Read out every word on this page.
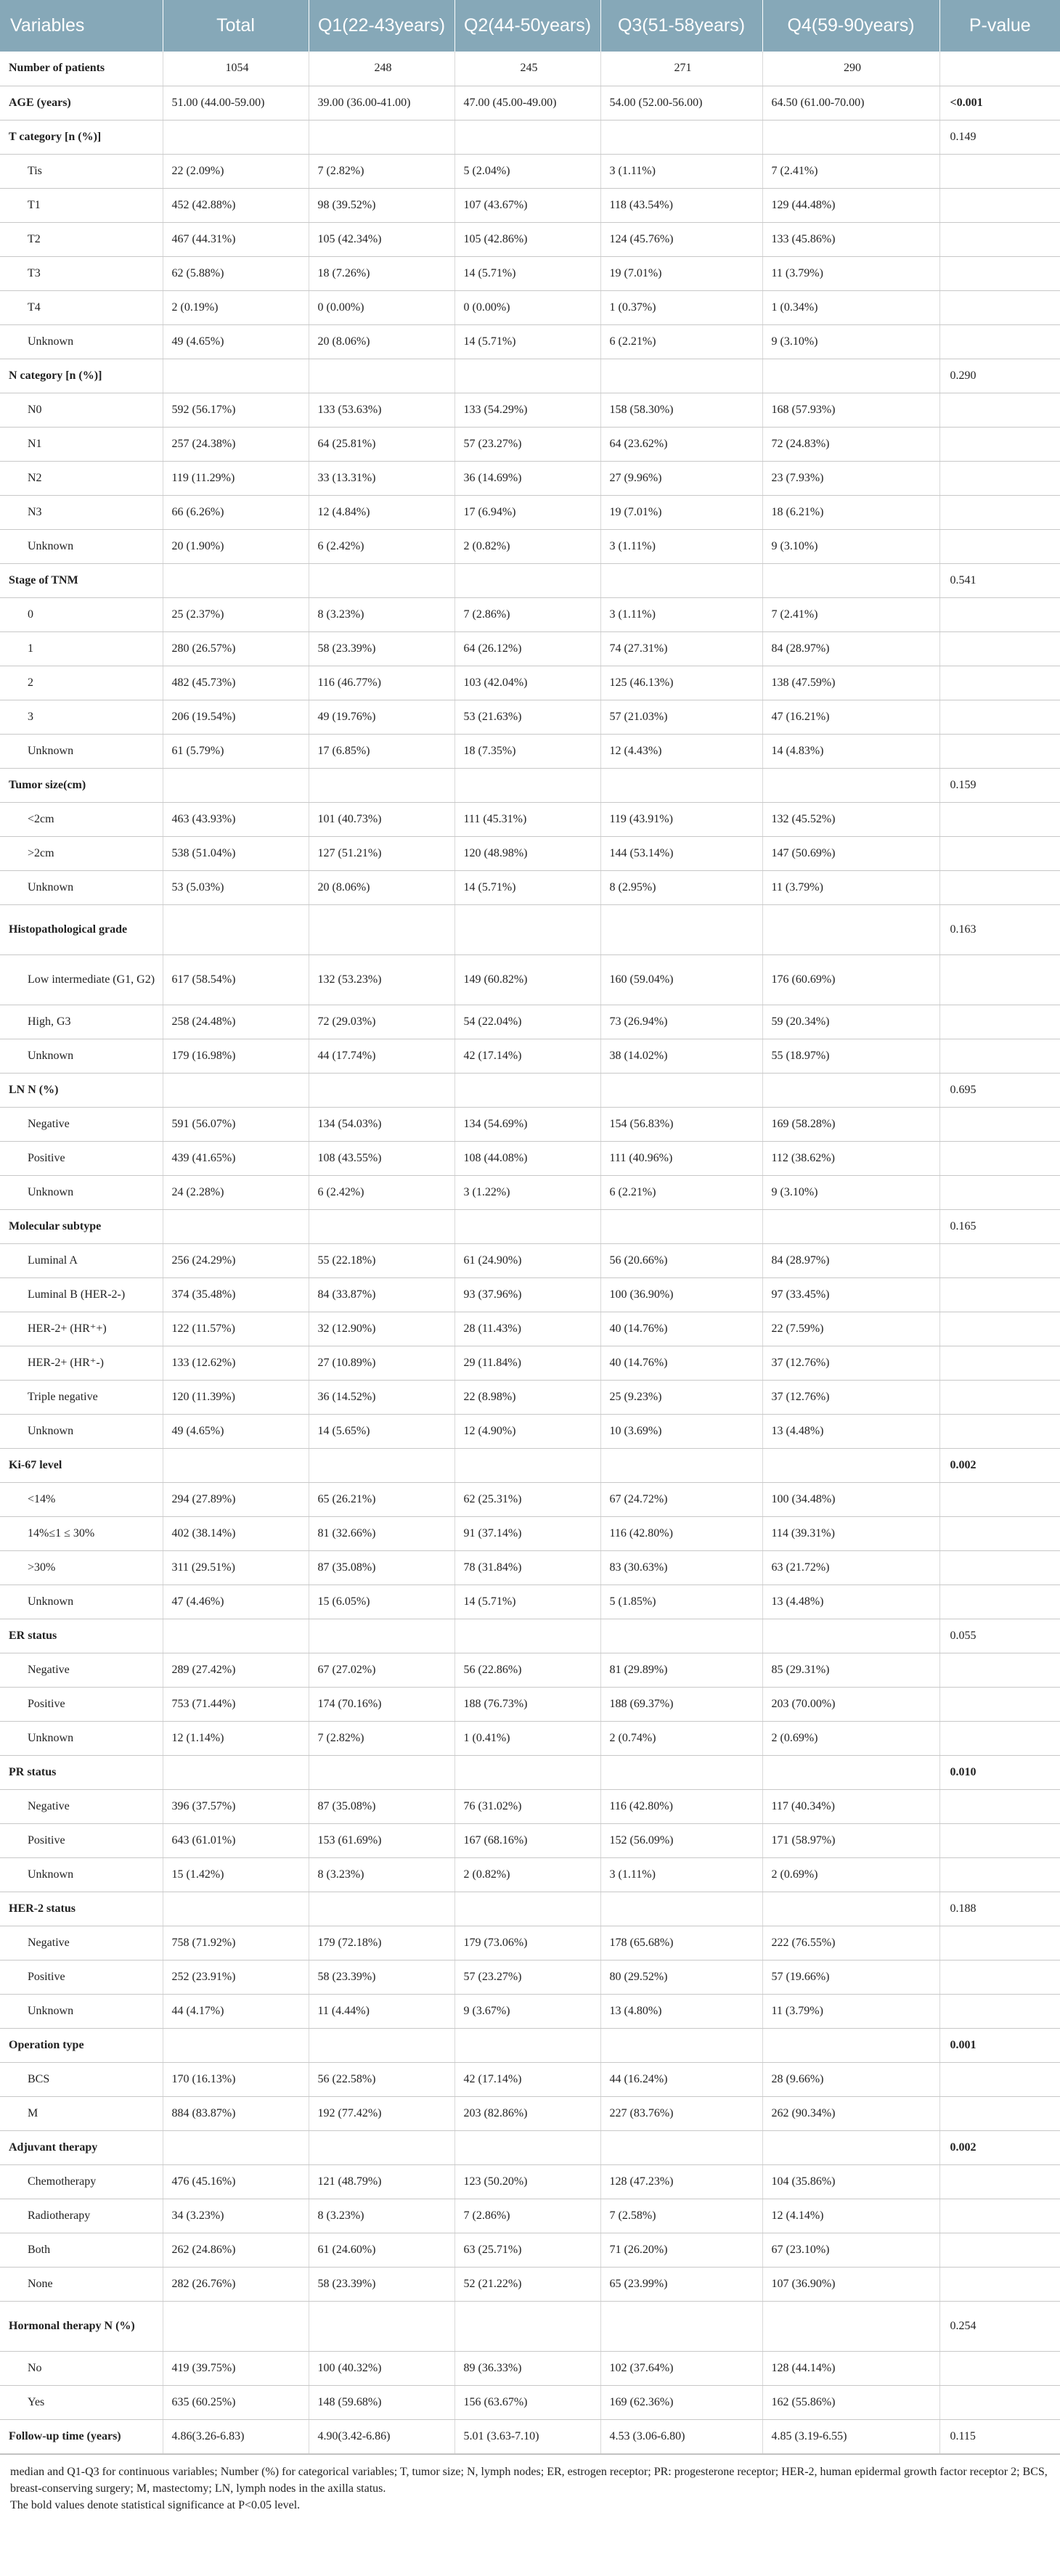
Variables	Total	Q1(22-43years)	Q2(44-50years)	Q3(51-58years)	Q4(59-90years)	P-value
Number of patients	1054	248	245	271	290	
AGE (years)	51.00 (44.00-59.00)	39.00 (36.00-41.00)	47.00 (45.00-49.00)	54.00 (52.00-56.00)	64.50 (61.00-70.00)	<0.001
T category [n (%)]						0.149
Tis	22 (2.09%)	7 (2.82%)	5 (2.04%)	3 (1.11%)	7 (2.41%)	
T1	452 (42.88%)	98 (39.52%)	107 (43.67%)	118 (43.54%)	129 (44.48%)	
T2	467 (44.31%)	105 (42.34%)	105 (42.86%)	124 (45.76%)	133 (45.86%)	
T3	62 (5.88%)	18 (7.26%)	14 (5.71%)	19 (7.01%)	11 (3.79%)	
T4	2 (0.19%)	0 (0.00%)	0 (0.00%)	1 (0.37%)	1 (0.34%)	
Unknown	49 (4.65%)	20 (8.06%)	14 (5.71%)	6 (2.21%)	9 (3.10%)	
N category [n (%)]						0.290
N0	592 (56.17%)	133 (53.63%)	133 (54.29%)	158 (58.30%)	168 (57.93%)	
N1	257 (24.38%)	64 (25.81%)	57 (23.27%)	64 (23.62%)	72 (24.83%)	
N2	119 (11.29%)	33 (13.31%)	36 (14.69%)	27 (9.96%)	23 (7.93%)	
N3	66 (6.26%)	12 (4.84%)	17 (6.94%)	19 (7.01%)	18 (6.21%)	
Unknown	20 (1.90%)	6 (2.42%)	2 (0.82%)	3 (1.11%)	9 (3.10%)	
Stage of TNM						0.541
0	25 (2.37%)	8 (3.23%)	7 (2.86%)	3 (1.11%)	7 (2.41%)	
1	280 (26.57%)	58 (23.39%)	64 (26.12%)	74 (27.31%)	84 (28.97%)	
2	482 (45.73%)	116 (46.77%)	103 (42.04%)	125 (46.13%)	138 (47.59%)	
3	206 (19.54%)	49 (19.76%)	53 (21.63%)	57 (21.03%)	47 (16.21%)	
Unknown	61 (5.79%)	17 (6.85%)	18 (7.35%)	12 (4.43%)	14 (4.83%)	
Tumor size(cm)						0.159
<2cm	463 (43.93%)	101 (40.73%)	111 (45.31%)	119 (43.91%)	132 (45.52%)	
>2cm	538 (51.04%)	127 (51.21%)	120 (48.98%)	144 (53.14%)	147 (50.69%)	
Unknown	53 (5.03%)	20 (8.06%)	14 (5.71%)	8 (2.95%)	11 (3.79%)	
Histopathological grade						0.163
Low intermediate (G1, G2)	617 (58.54%)	132 (53.23%)	149 (60.82%)	160 (59.04%)	176 (60.69%)	
High, G3	258 (24.48%)	72 (29.03%)	54 (22.04%)	73 (26.94%)	59 (20.34%)	
Unknown	179 (16.98%)	44 (17.74%)	42 (17.14%)	38 (14.02%)	55 (18.97%)	
LN N (%)						0.695
Negative	591 (56.07%)	134 (54.03%)	134 (54.69%)	154 (56.83%)	169 (58.28%)	
Positive	439 (41.65%)	108 (43.55%)	108 (44.08%)	111 (40.96%)	112 (38.62%)	
Unknown	24 (2.28%)	6 (2.42%)	3 (1.22%)	6 (2.21%)	9 (3.10%)	
Molecular subtype						0.165
Luminal A	256 (24.29%)	55 (22.18%)	61 (24.90%)	56 (20.66%)	84 (28.97%)	
Luminal B (HER-2-)	374 (35.48%)	84 (33.87%)	93 (37.96%)	100 (36.90%)	97 (33.45%)	
HER-2+ (HR⁺+)	122 (11.57%)	32 (12.90%)	28 (11.43%)	40 (14.76%)	22 (7.59%)	
HER-2+ (HR⁺-)	133 (12.62%)	27 (10.89%)	29 (11.84%)	40 (14.76%)	37 (12.76%)	
Triple negative	120 (11.39%)	36 (14.52%)	22 (8.98%)	25 (9.23%)	37 (12.76%)	
Unknown	49 (4.65%)	14 (5.65%)	12 (4.90%)	10 (3.69%)	13 (4.48%)	
Ki-67 level						0.002
<14%	294 (27.89%)	65 (26.21%)	62 (25.31%)	67 (24.72%)	100 (34.48%)	
14%≤1 ≤ 30%	402 (38.14%)	81 (32.66%)	91 (37.14%)	116 (42.80%)	114 (39.31%)	
>30%	311 (29.51%)	87 (35.08%)	78 (31.84%)	83 (30.63%)	63 (21.72%)	
Unknown	47 (4.46%)	15 (6.05%)	14 (5.71%)	5 (1.85%)	13 (4.48%)	
ER status						0.055
Negative	289 (27.42%)	67 (27.02%)	56 (22.86%)	81 (29.89%)	85 (29.31%)	
Positive	753 (71.44%)	174 (70.16%)	188 (76.73%)	188 (69.37%)	203 (70.00%)	
Unknown	12 (1.14%)	7 (2.82%)	1 (0.41%)	2 (0.74%)	2 (0.69%)	
PR status						0.010
Negative	396 (37.57%)	87 (35.08%)	76 (31.02%)	116 (42.80%)	117 (40.34%)	
Positive	643 (61.01%)	153 (61.69%)	167 (68.16%)	152 (56.09%)	171 (58.97%)	
Unknown	15 (1.42%)	8 (3.23%)	2 (0.82%)	3 (1.11%)	2 (0.69%)	
HER-2 status						0.188
Negative	758 (71.92%)	179 (72.18%)	179 (73.06%)	178 (65.68%)	222 (76.55%)	
Positive	252 (23.91%)	58 (23.39%)	57 (23.27%)	80 (29.52%)	57 (19.66%)	
Unknown	44 (4.17%)	11 (4.44%)	9 (3.67%)	13 (4.80%)	11 (3.79%)	
Operation type						0.001
BCS	170 (16.13%)	56 (22.58%)	42 (17.14%)	44 (16.24%)	28 (9.66%)	
M	884 (83.87%)	192 (77.42%)	203 (82.86%)	227 (83.76%)	262 (90.34%)	
Adjuvant therapy						0.002
Chemotherapy	476 (45.16%)	121 (48.79%)	123 (50.20%)	128 (47.23%)	104 (35.86%)	
Radiotherapy	34 (3.23%)	8 (3.23%)	7 (2.86%)	7 (2.58%)	12 (4.14%)	
Both	262 (24.86%)	61 (24.60%)	63 (25.71%)	71 (26.20%)	67 (23.10%)	
None	282 (26.76%)	58 (23.39%)	52 (21.22%)	65 (23.99%)	107 (36.90%)	
Hormonal therapy N (%)						0.254
No	419 (39.75%)	100 (40.32%)	89 (36.33%)	102 (37.64%)	128 (44.14%)	
Yes	635 (60.25%)	148 (59.68%)	156 (63.67%)	169 (62.36%)	162 (55.86%)	
Follow-up time (years)	4.86(3.26-6.83)	4.90(3.42-6.86)	5.01 (3.63-7.10)	4.53 (3.06-6.80)	4.85 (3.19-6.55)	0.115
median and Q1-Q3 for continuous variables; Number (%) for categorical variables; T, tumor size; N, lymph nodes; ER, estrogen receptor; PR: progesterone receptor; HER-2, human epidermal growth factor receptor 2; BCS, breast-conserving surgery; M, mastectomy; LN, lymph nodes in the axilla status.
The bold values denote statistical significance at P<0.05 level.
